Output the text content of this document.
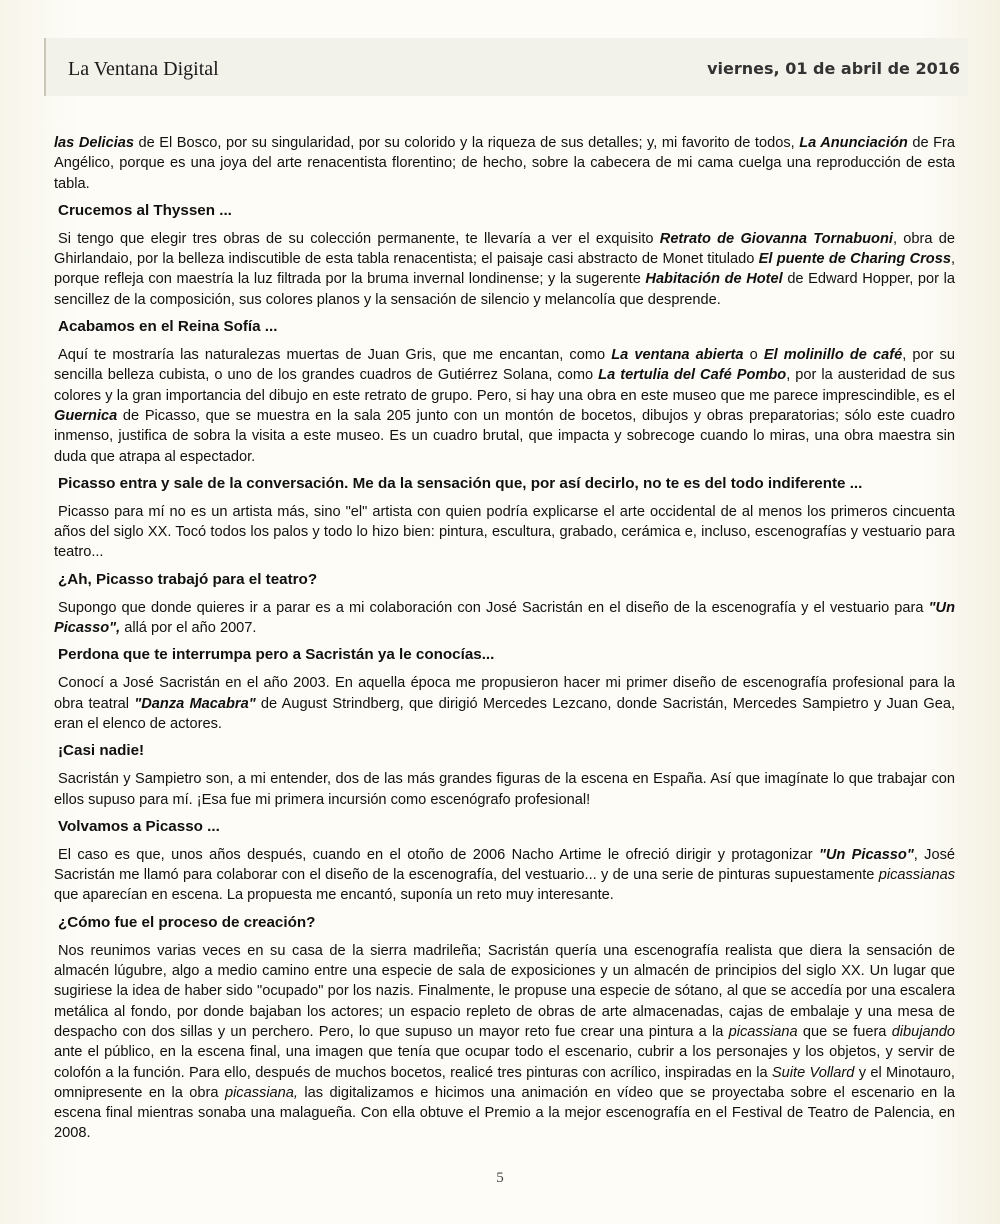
La Ventana Digital	viernes, 01 de abril de 2016

las Delicias de El Bosco, por su singularidad, por su colorido y la riqueza de sus detalles; y, mi favorito de todos, La Anunciación de Fra Angélico, porque es una joya del arte renacentista florentino; de hecho, sobre la cabecera de mi cama cuelga una reproducción de esta tabla.

Crucemos al Thyssen ...

Si tengo que elegir tres obras de su colección permanente, te llevaría a ver el exquisito Retrato de Giovanna Tornabuoni, obra de Ghirlandaio, por la belleza indiscutible de esta tabla renacentista; el paisaje casi abstracto de Monet titulado El puente de Charing Cross, porque refleja con maestría la luz filtrada por la bruma invernal londinense; y la sugerente Habitación de Hotel de Edward Hopper, por la sencillez de la composición, sus colores planos y la sensación de silencio y melancolía que desprende.

Acabamos en el Reina Sofía ...

Aquí te mostraría las naturalezas muertas de Juan Gris, que me encantan, como La ventana abierta o El molinillo de café, por su sencilla belleza cubista, o uno de los grandes cuadros de Gutiérrez Solana, como La tertulia del Café Pombo, por la austeridad de sus colores y la gran importancia del dibujo en este retrato de grupo. Pero, si hay una obra en este museo que me parece imprescindible, es el Guernica de Picasso, que se muestra en la sala 205 junto con un montón de bocetos, dibujos y obras preparatorias; sólo este cuadro inmenso, justifica de sobra la visita a este museo. Es un cuadro brutal, que impacta y sobrecoge cuando lo miras, una obra maestra sin duda que atrapa al espectador.

Picasso entra y sale de la conversación. Me da la sensación que, por así decirlo, no te es del todo indiferente ...

Picasso para mí no es un artista más, sino "el" artista con quien podría explicarse el arte occidental de al menos los primeros cincuenta años del siglo XX. Tocó todos los palos y todo lo hizo bien: pintura, escultura, grabado, cerámica e, incluso, escenografías y vestuario para teatro...

¿Ah, Picasso trabajó para el teatro?

Supongo que donde quieres ir a parar es a mi colaboración con José Sacristán en el diseño de la escenografía y el vestuario para "Un Picasso", allá por el año 2007.

Perdona que te interrumpa pero a Sacristán ya le conocías...

Conocí a José Sacristán en el año 2003. En aquella época me propusieron hacer mi primer diseño de escenografía profesional para la obra teatral "Danza Macabra" de August Strindberg, que dirigió Mercedes Lezcano, donde Sacristán, Mercedes Sampietro y Juan Gea, eran el elenco de actores.

¡Casi nadie!

Sacristán y Sampietro son, a mi entender, dos de las más grandes figuras de la escena en España. Así que imagínate lo que trabajar con ellos supuso para mí. ¡Esa fue mi primera incursión como escenógrafo profesional!

Volvamos a Picasso ...

El caso es que, unos años después, cuando en el otoño de 2006 Nacho Artime le ofreció dirigir y protagonizar "Un Picasso", José Sacristán me llamó para colaborar con el diseño de la escenografía, del vestuario... y de una serie de pinturas supuestamente picassianas que aparecían en escena. La propuesta me encantó, suponía un reto muy interesante.

¿Cómo fue el proceso de creación?

Nos reunimos varias veces en su casa de la sierra madrileña; Sacristán quería una escenografía realista que diera la sensación de almacén lúgubre, algo a medio camino entre una especie de sala de exposiciones y un almacén de principios del siglo XX. Un lugar que sugiriese la idea de haber sido "ocupado" por los nazis. Finalmente, le propuse una especie de sótano, al que se accedía por una escalera metálica al fondo, por donde bajaban los actores; un espacio repleto de obras de arte almacenadas, cajas de embalaje y una mesa de despacho con dos sillas y un perchero. Pero, lo que supuso un mayor reto fue crear una pintura a la picassiana que se fuera dibujando ante el público, en la escena final, una imagen que tenía que ocupar todo el escenario, cubrir a los personajes y los objetos, y servir de colofón a la función. Para ello, después de muchos bocetos, realicé tres pinturas con acrílico, inspiradas en la Suite Vollard y el Minotauro, omnipresente en la obra picassiana, las digitalizamos e hicimos una animación en vídeo que se proyectaba sobre el escenario en la escena final mientras sonaba una malagueña. Con ella obtuve el Premio a la mejor escenografía en el Festival de Teatro de Palencia, en 2008.

5
